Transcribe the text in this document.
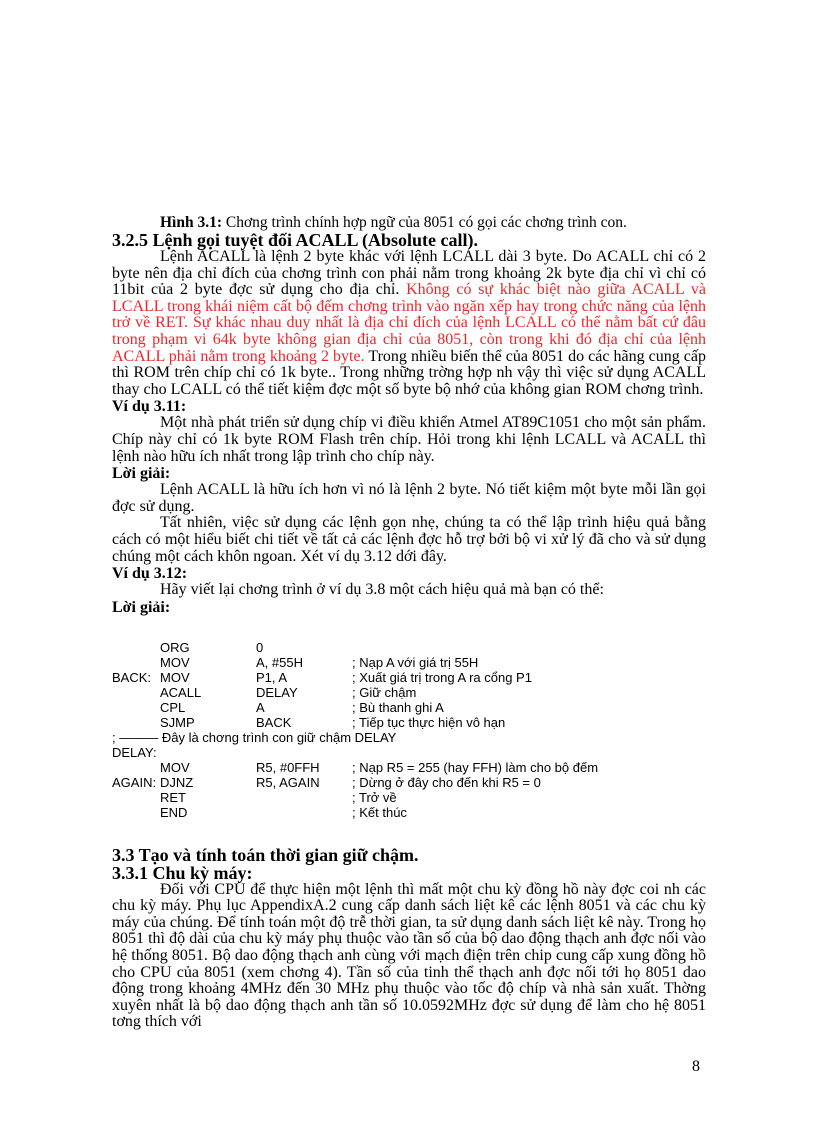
Hình 3.1: Chơng trình chính hợp ngữ của 8051 có gọi các chơng trình con.

3.2.5 Lệnh gọi tuyệt đối ACALL (Absolute call).

Lệnh ACALL là lệnh 2 byte khác với lệnh LCALL dài 3 byte. Do ACALL chỉ có 2 byte nên địa chỉ đích của chơng trình con phải nằm trong khoảng 2k byte địa chỉ vì chỉ có 11bit của 2 byte đợc sử dụng cho địa chỉ. Không có sự khác biệt nào giữa ACALL và LCALL trong khái niệm cất bộ đếm chơng trình vào ngăn xếp hay trong chức năng của lệnh trở về RET. Sự khác nhau duy nhất là địa chỉ đích của lệnh LCALL có thể nằm bất cứ đâu trong phạm vi 64k byte không gian địa chỉ của 8051, còn trong khi đó địa chỉ của lệnh ACALL phải nằm trong khoảng 2 byte. Trong nhiều biến thể của 8051 do các hãng cung cấp thì ROM trên chíp chỉ có 1k byte.. Trong những trờng hợp nh vậy thì việc sử dụng ACALL thay cho LCALL có thể tiết kiệm đợc một số byte bộ nhớ của không gian ROM chơng trình.

Ví dụ 3.11:

Một nhà phát triển sử dụng chíp vi điều khiển Atmel AT89C1051 cho một sản phẩm. Chíp này chỉ có 1k byte ROM Flash trên chíp. Hỏi trong khi lệnh LCALL và ACALL thì lệnh nào hữu ích nhất trong lập trình cho chíp này.

Lời giải:

Lệnh ACALL là hữu ích hơn vì nó là lệnh 2 byte. Nó tiết kiệm một byte mỗi lần gọi đợc sử dụng.

Tất nhiên, việc sử dụng các lệnh gọn nhẹ, chúng ta có thể lập trình hiệu quả bằng cách có một hiểu biết chi tiết về tất cả các lệnh đợc hỗ trợ bởi bộ vi xử lý đã cho và sử dụng chúng một cách khôn ngoan. Xét ví dụ 3.12 dới đây.

Ví dụ 3.12:

Hãy viết lại chơng trình ở ví dụ 3.8 một cách hiệu quả mà bạn có thể:

Lời giải:
ORG	0
MOV	A, #55H	; Nạp A với giá trị 55H
BACK: MOV	P1, A	; Xuất giá trị trong A ra cổng P1
ACALL	DELAY	; Giữ chậm
CPL	A	; Bù thanh ghi A
SJMP	BACK	; Tiếp tục thực hiện vô hạn
; ——— Đây là chơng trình con giữ chậm DELAY
DELAY:
MOV	R5, #0FFH	; Nạp R5 = 255 (hay FFH) làm cho bộ đếm
AGAIN: DJNZ	R5, AGAIN	; Dừng ở đây cho đến khi R5 = 0
RET	; Trở về
END	; Kết thúc
3.3 Tạo và tính toán thời gian giữ chậm.
3.3.1 Chu kỳ máy:

Đối với CPU để thực hiện một lệnh thì mất một chu kỳ đồng hồ này đợc coi nh các chu kỳ máy. Phụ lục AppendixA.2 cung cấp danh sách liệt kê các lệnh 8051 và các chu kỳ máy của chúng. Để tính toán một độ trễ thời gian, ta sử dụng danh sách liệt kê này. Trong họ 8051 thì độ dài của chu kỳ máy phụ thuộc vào tần số của bộ dao động thạch anh đợc nối vào hệ thống 8051. Bộ dao động thạch anh cùng với mạch điện trên chip cung cấp xung đồng hồ cho CPU của 8051 (xem chơng 4). Tần số của tinh thể thạch anh đợc nối tới họ 8051 dao động trong khoảng 4MHz đến 30 MHz phụ thuộc vào tốc độ chíp và nhà sản xuất. Thờng xuyên nhất là bộ dao động thạch anh tần số 10.0592MHz đợc sử dụng để làm cho hệ 8051 tơng thích với

8
